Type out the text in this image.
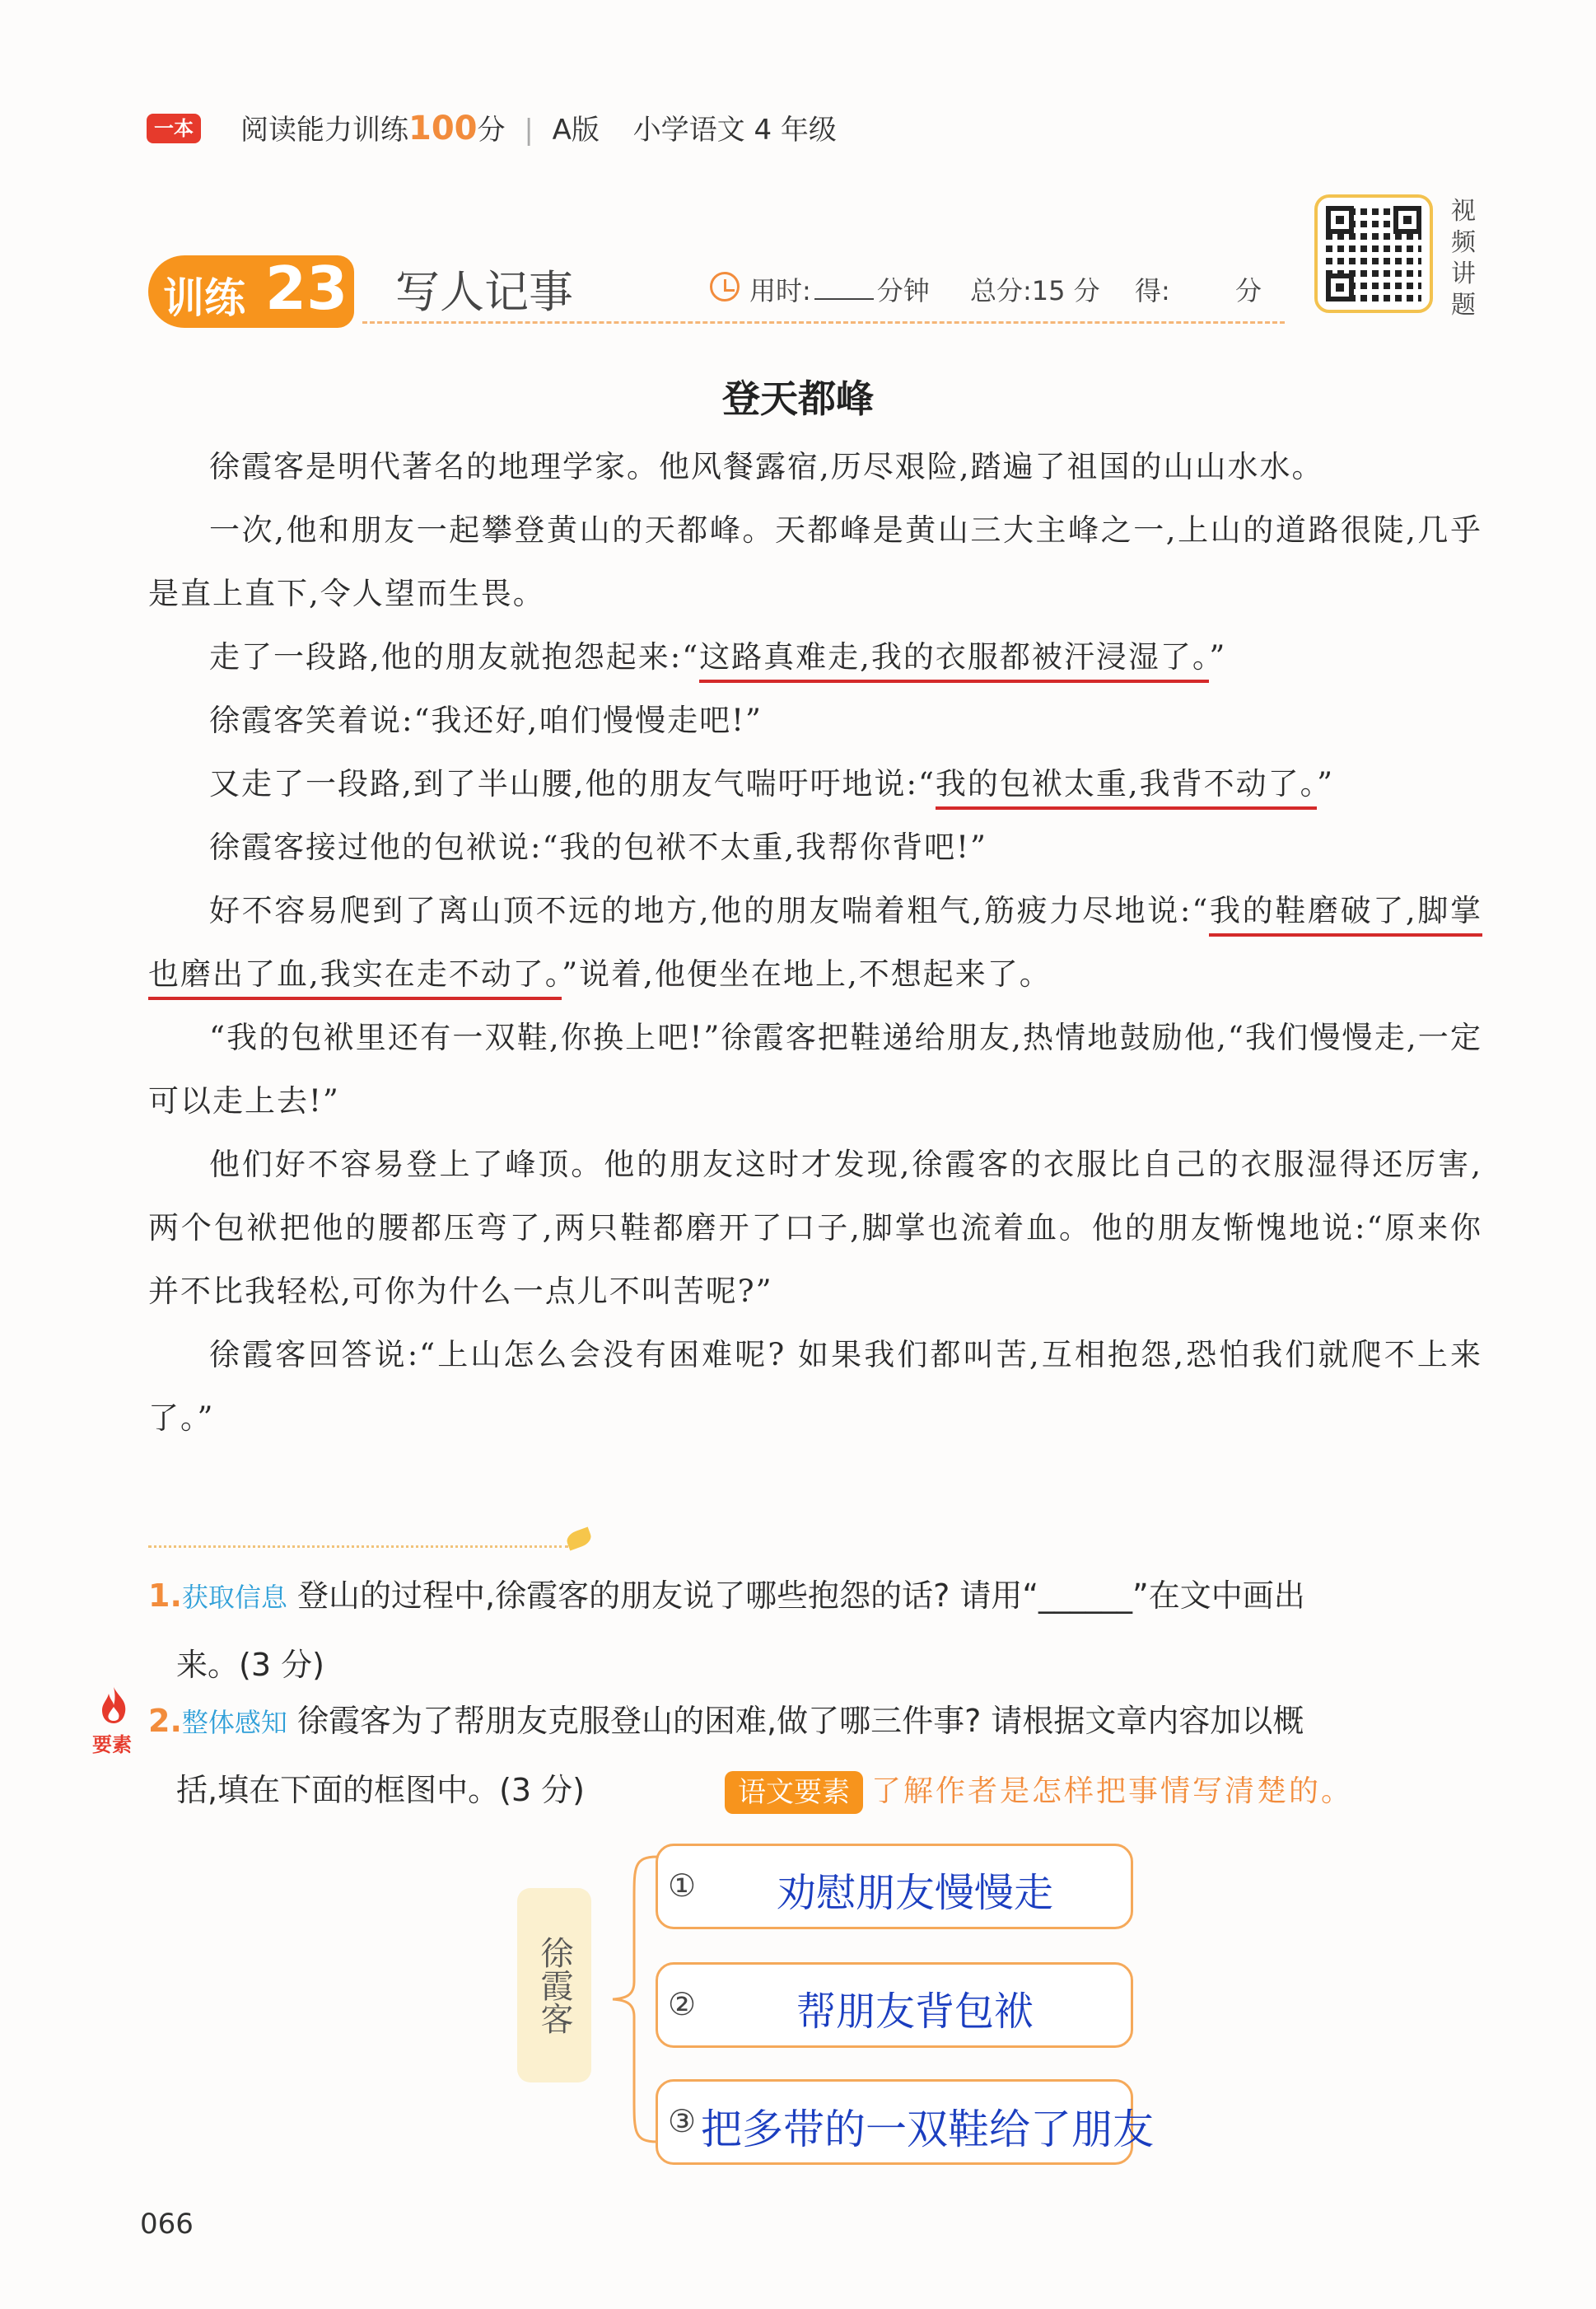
一本 阅读能力训练100分 | A版 小学语文 4 年级
训练 23 写人记事	用时:	分钟 总分:15 分 得: 分
视频讲题
登天都峰

徐霞客是明代著名的地理学家。他风餐露宿,历尽艰险,踏遍了祖国的山山水水。

一次,他和朋友一起攀登黄山的天都峰。天都峰是黄山三大主峰之一,上山的道路很陡,几乎是直上直下,令人望而生畏。

走了一段路,他的朋友就抱怨起来:“这路真难走,我的衣服都被汗浸湿了。”

徐霞客笑着说:“我还好,咱们慢慢走吧!”

又走了一段路,到了半山腰,他的朋友气喘吁吁地说:“我的包袱太重,我背不动了。”

徐霞客接过他的包袱说:“我的包袱不太重,我帮你背吧!”

好不容易爬到了离山顶不远的地方,他的朋友喘着粗气,筋疲力尽地说:“我的鞋磨破了,脚掌也磨出了血,我实在走不动了。”说着,他便坐在地上,不想起来了。

“我的包袱里还有一双鞋,你换上吧!”徐霞客把鞋递给朋友,热情地鼓励他,“我们慢慢走,一定可以走上去!”

他们好不容易登上了峰顶。他的朋友这时才发现,徐霞客的衣服比自己的衣服湿得还厉害,两个包袱把他的腰都压弯了,两只鞋都磨开了口子,脚掌也流着血。他的朋友惭愧地说:“原来你并不比我轻松,可你为什么一点儿不叫苦呢?”

徐霞客回答说:“上山怎么会没有困难呢? 如果我们都叫苦,互相抱怨,恐怕我们就爬不上来了。”

1.获取信息 登山的过程中,徐霞客的朋友说了哪些抱怨的话? 请用“______”在文中画出
来。(3 分)
要素
2.整体感知 徐霞客为了帮朋友克服登山的困难,做了哪三件事? 请根据文章内容加以概
括,填在下面的框图中。(3 分)	语文要素 了解作者是怎样把事情写清楚的。
徐霞客
①	劝慰朋友慢慢走
②	帮朋友背包袱
③ 把多带的一双鞋给了朋友
066
